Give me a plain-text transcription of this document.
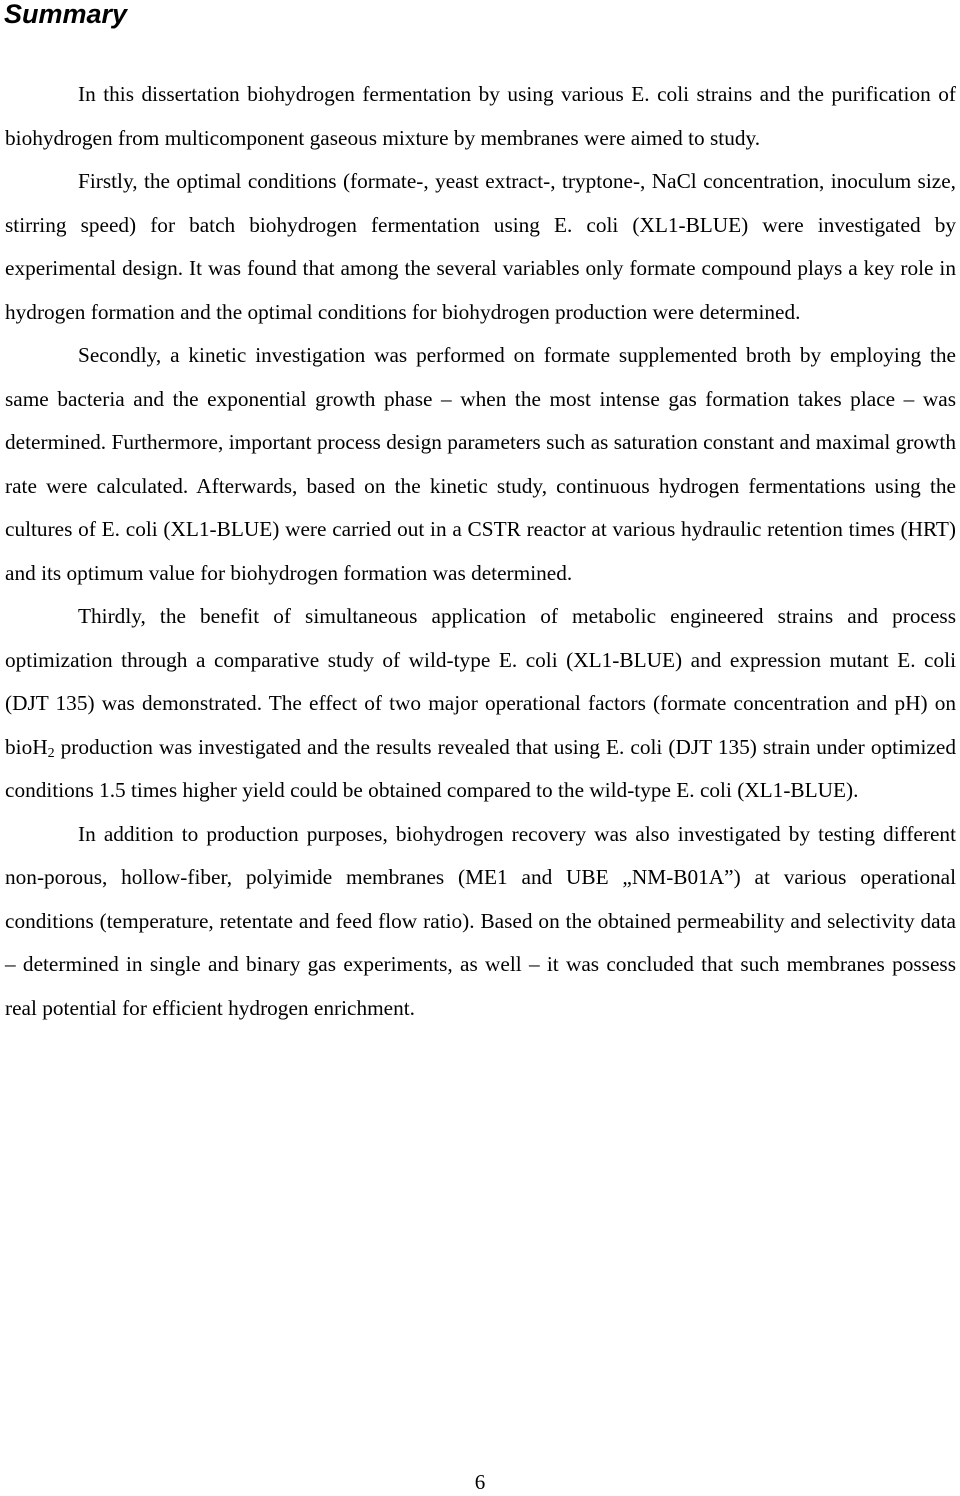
Summary

In this dissertation biohydrogen fermentation by using various E. coli strains and the purification of biohydrogen from multicomponent gaseous mixture by membranes were aimed to study.

Firstly, the optimal conditions (formate-, yeast extract-, tryptone-, NaCl concentration, inoculum size, stirring speed) for batch biohydrogen fermentation using E. coli (XL1-BLUE) were investigated by experimental design. It was found that among the several variables only formate compound plays a key role in hydrogen formation and the optimal conditions for biohydrogen production were determined.

Secondly, a kinetic investigation was performed on formate supplemented broth by employing the same bacteria and the exponential growth phase – when the most intense gas formation takes place – was determined. Furthermore, important process design parameters such as saturation constant and maximal growth rate were calculated. Afterwards, based on the kinetic study, continuous hydrogen fermentations using the cultures of E. coli (XL1-BLUE) were carried out in a CSTR reactor at various hydraulic retention times (HRT) and its optimum value for biohydrogen formation was determined.

Thirdly, the benefit of simultaneous application of metabolic engineered strains and process optimization through a comparative study of wild-type E. coli (XL1-BLUE) and expression mutant E. coli (DJT 135) was demonstrated. The effect of two major operational factors (formate concentration and pH) on bioH$_2$ production was investigated and the results revealed that using E. coli (DJT 135) strain under optimized conditions 1.5 times higher yield could be obtained compared to the wild-type E. coli (XL1-BLUE).

In addition to production purposes, biohydrogen recovery was also investigated by testing different non-porous, hollow-fiber, polyimide membranes (ME1 and UBE „NM-B01A”) at various operational conditions (temperature, retentate and feed flow ratio). Based on the obtained permeability and selectivity data – determined in single and binary gas experiments, as well – it was concluded that such membranes possess real potential for efficient hydrogen enrichment.

6
